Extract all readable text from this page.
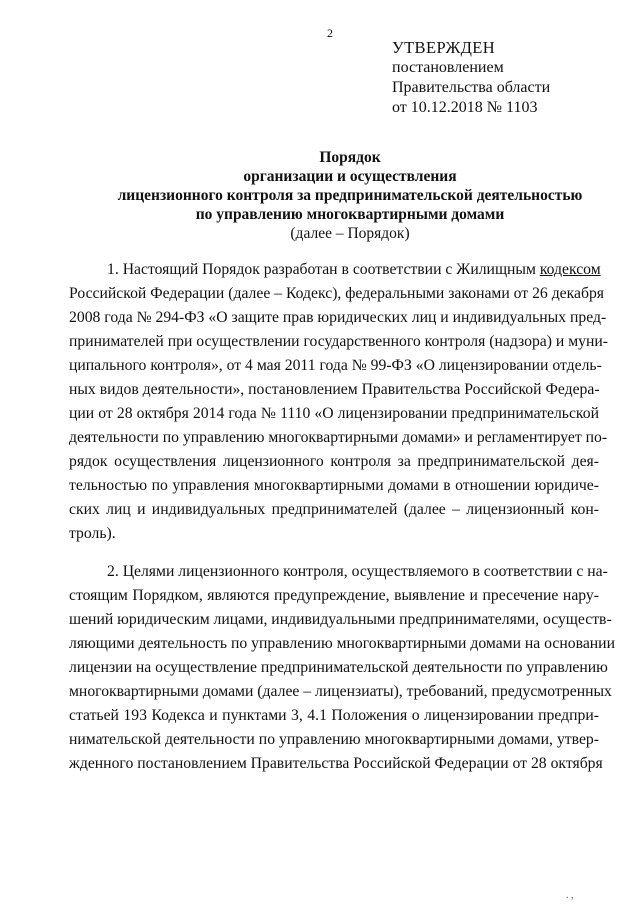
2
УТВЕРЖДЕН
постановлением
Правительства области
от 10.12.2018 № 1103
Порядок
организации и осуществления
лицензионного контроля за предпринимательской деятельностью
по управлению многоквартирными домами
(далее – Порядок)
1. Настоящий Порядок разработан в соответствии с Жилищным кодексом
Российской Федерации (далее – Кодекс), федеральными законами от 26 декабря
2008 года № 294-ФЗ «О защите прав юридических лиц и индивидуальных пред-
принимателей при осуществлении государственного контроля (надзора) и муни-
ципального контроля», от 4 мая 2011 года № 99-ФЗ «О лицензировании отдель-
ных видов деятельности», постановлением Правительства Российской Федера-
ции от 28 октября 2014 года № 1110 «О лицензировании предпринимательской
деятельности по управлению многоквартирными домами» и регламентирует по-
рядок осуществления лицензионного контроля за предпринимательской дея-
тельностью по управления многоквартирными домами в отношении юридиче-
ских лиц и индивидуальных предпринимателей (далее – лицензионный кон-
троль).
2. Целями лицензионного контроля, осуществляемого в соответствии с на-
стоящим Порядком, являются предупреждение, выявление и пресечение нару-
шений юридическим лицами, индивидуальными предпринимателями, осуществ-
ляющими деятельность по управлению многоквартирными домами на основании
лицензии на осуществление предпринимательской деятельности по управлению
многоквартирными домами (далее – лицензиаты), требований, предусмотренных
статьей 193 Кодекса и пунктами 3, 4.1 Положения о лицензировании предпри-
нимательской деятельности по управлению многоквартирными домами, утвер-
жденного постановлением Правительства Российской Федерации от 28 октября
. ,
